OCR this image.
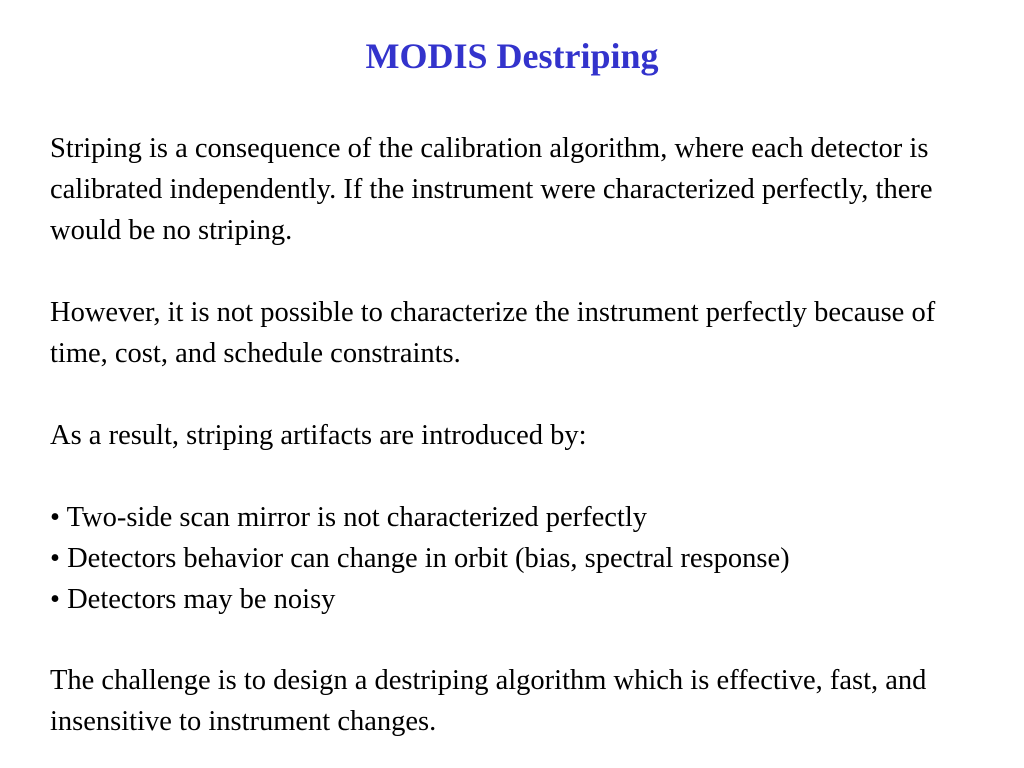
MODIS Destriping

Striping is a consequence of the calibration algorithm, where each detector is calibrated independently. If the instrument were characterized perfectly, there would be no striping.

However, it is not possible to characterize the instrument perfectly because of time, cost, and schedule constraints.

As a result, striping artifacts are introduced by:

• Two-side scan mirror is not characterized perfectly
• Detectors behavior can change in orbit (bias, spectral response)
• Detectors may be noisy

The challenge is to design a destriping algorithm which is effective, fast, and insensitive to instrument changes.
